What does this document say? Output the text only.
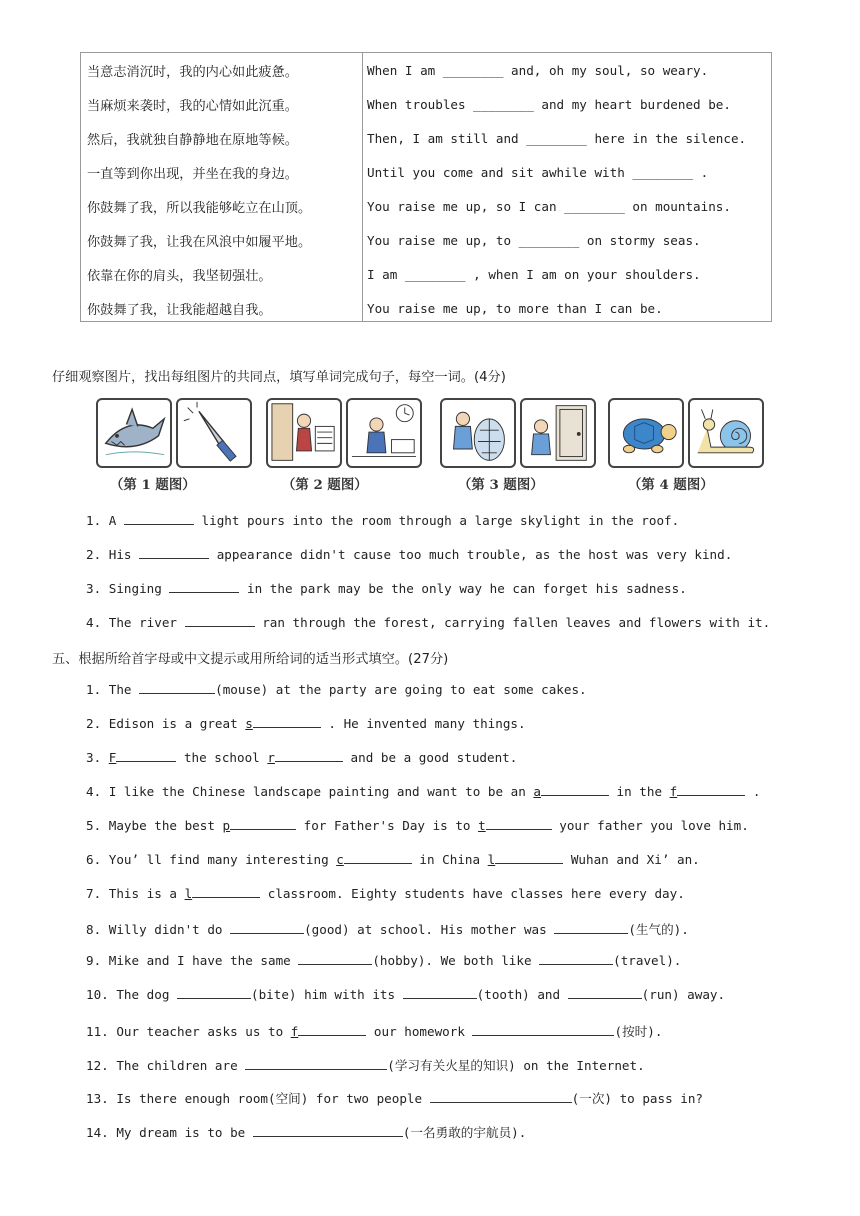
当意志消沉时，我的内心如此疲惫。	When I am ________ and, oh my soul, so weary.
当麻烦来袭时，我的心情如此沉重。	When troubles ________ and my heart burdened be.
然后，我就独自静静地在原地等候。	Then, I am still and ________ here in the silence.
一直等到你出现，并坐在我的身边。	Until you come and sit awhile with ________ .
你鼓舞了我，所以我能够屹立在山顶。	You raise me up, so I can ________ on mountains.
你鼓舞了我，让我在风浪中如履平地。	You raise me up, to ________ on stormy seas.
依靠在你的肩头，我坚韧强壮。	I am ________ , when I am on your shoulders.
你鼓舞了我，让我能超越自我。	You raise me up, to more than I can be.
仔细观察图片，找出每组图片的共同点，填写单词完成句子，每空一词。(4分)
（第 1 题图）	（第 2 题图）	（第 3 题图）	（第 4 题图）
1. A	light pours into the room through a large skylight in the roof.
2. His	appearance didn't cause too much trouble, as the host was very kind.
3. Singing	in the park may be the only way he can forget his sadness.
4. The river	ran through the forest, carrying fallen leaves and flowers with it.
五、根据所给首字母或中文提示或用所给词的适当形式填空。(27分)
1. The	(mouse) at the party are going to eat some cakes.
2. Edison is a great s	. He invented many things.
3. F	the school r	and be a good student.
4. I like the Chinese landscape painting and want to be an a	in the f	.
5. Maybe the best p	for Father's Day is to t	your father you love him.
6. You’ ll find many interesting c	in China l	Wuhan and Xi’ an.
7. This is a l	classroom. Eighty students have classes here every day.
8. Willy didn't do	(good) at school. His mother was	(生气的).
9. Mike and I have the same	(hobby). We both like	(travel).
10. The dog	(bite) him with its	(tooth) and	(run) away.
11. Our teacher asks us to f	our homework	(按时).
12. The children are	(学习有关火星的知识) on the Internet.
13. Is there enough room(空间) for two people	(一次) to pass in?
14. My dream is to be	(一名勇敢的宇航员).
